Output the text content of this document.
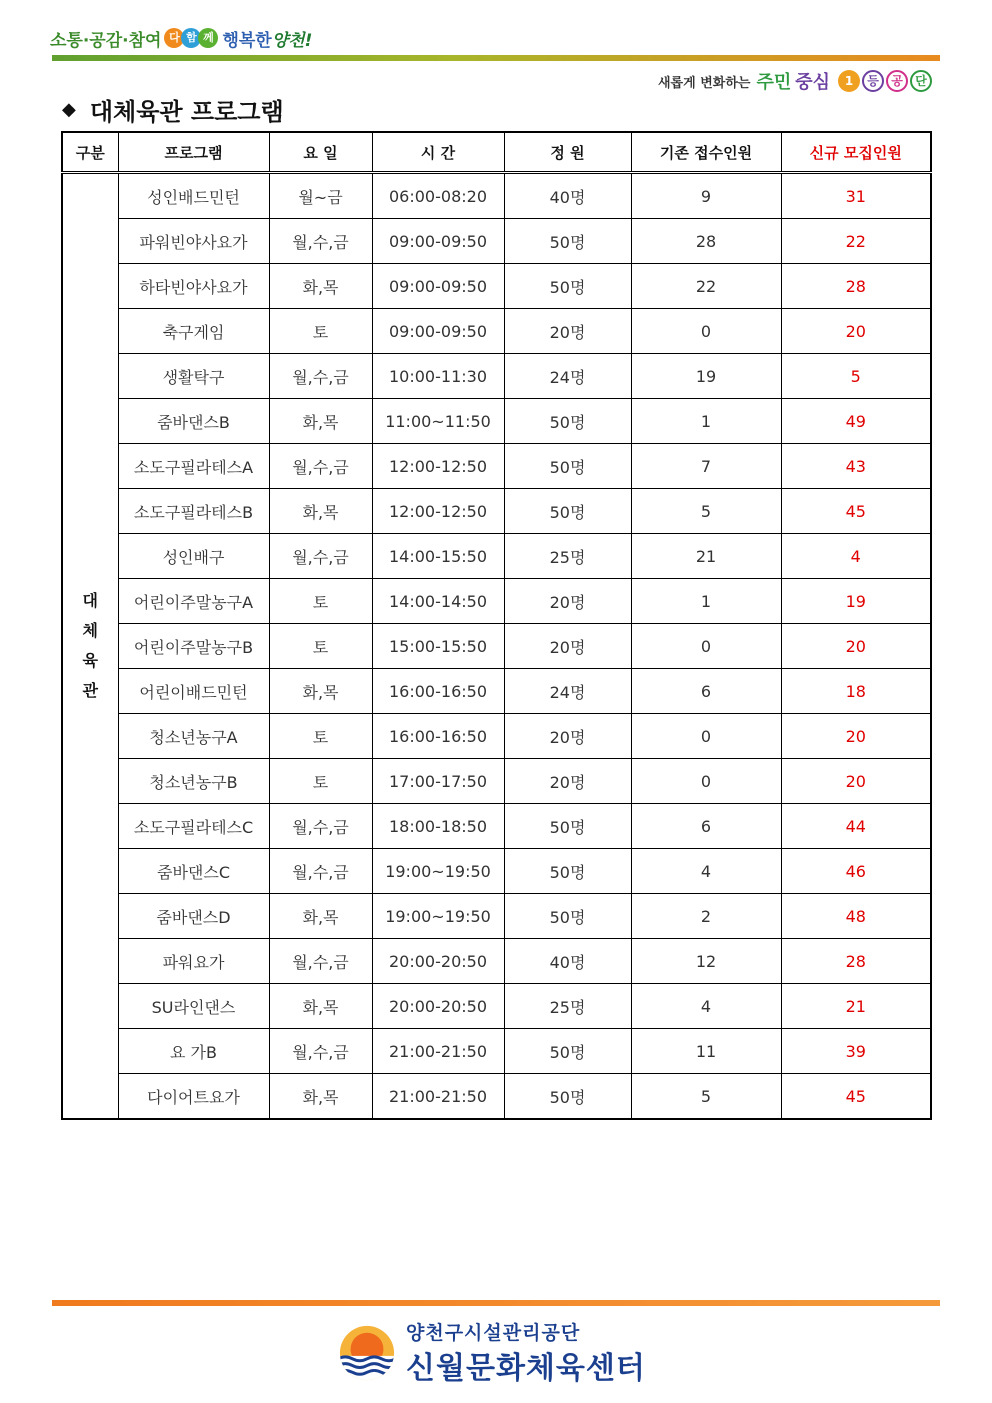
소통·공감·참여 다 함 께 행복한 양천!
새롭게 변화하는 주민 중심	1	등	공	단
◆ 대체육관 프로그램
구분	프로그램	요 일	시 간	정 원	기존 접수인원	신규 모집인원
대체육관	성인배드민턴	월~금	06:00-08:20	40명	9	31
	파워빈야사요가	월,수,금	09:00-09:50	50명	28	22
	하타빈야사요가	화,목	09:00-09:50	50명	22	28
	축구게임	토	09:00-09:50	20명	0	20
	생활탁구	월,수,금	10:00-11:30	24명	19	5
	줌바댄스B	화,목	11:00~11:50	50명	1	49
	소도구필라테스A	월,수,금	12:00-12:50	50명	7	43
	소도구필라테스B	화,목	12:00-12:50	50명	5	45
	성인배구	월,수,금	14:00-15:50	25명	21	4
	어린이주말농구A	토	14:00-14:50	20명	1	19
	어린이주말농구B	토	15:00-15:50	20명	0	20
	어린이배드민턴	화,목	16:00-16:50	24명	6	18
	청소년농구A	토	16:00-16:50	20명	0	20
	청소년농구B	토	17:00-17:50	20명	0	20
	소도구필라테스C	월,수,금	18:00-18:50	50명	6	44
	줌바댄스C	월,수,금	19:00~19:50	50명	4	46
	줌바댄스D	화,목	19:00~19:50	50명	2	48
	파워요가	월,수,금	20:00-20:50	40명	12	28
	SU라인댄스	화,목	20:00-20:50	25명	4	21
	요 가B	월,수,금	21:00-21:50	50명	11	39
	다이어트요가	화,목	21:00-21:50	50명	5	45
양천구시설관리공단
신월문화체육센터
